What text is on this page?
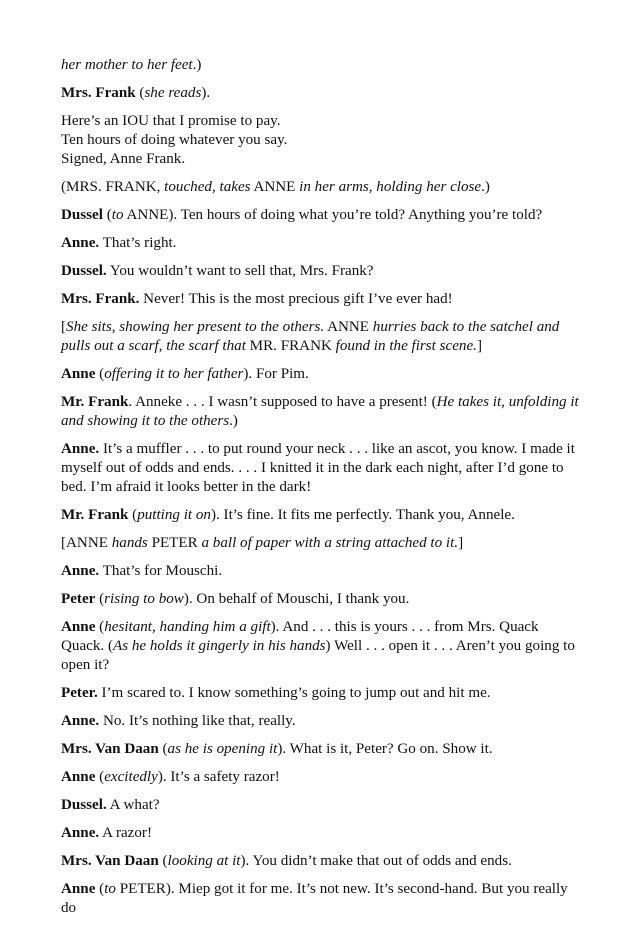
her mother to her feet.)

Mrs. Frank (she reads).

Here’s an IOU that I promise to pay.
Ten hours of doing whatever you say.
Signed, Anne Frank.

(MRS. FRANK, touched, takes ANNE in her arms, holding her close.)

Dussel (to ANNE). Ten hours of doing what you’re told? Anything you’re told?

Anne. That’s right.

Dussel. You wouldn’t want to sell that, Mrs. Frank?

Mrs. Frank. Never! This is the most precious gift I’ve ever had!

[She sits, showing her present to the others. ANNE hurries back to the satchel and pulls out a scarf, the scarf that MR. FRANK found in the first scene.]

Anne (offering it to her father). For Pim.

Mr. Frank. Anneke . . . I wasn’t supposed to have a present! (He takes it, unfolding it and showing it to the others.)

Anne. It’s a muffler . . . to put round your neck . . . like an ascot, you know. I made it myself out of odds and ends. . . . I knitted it in the dark each night, after I’d gone to bed. I’m afraid it looks better in the dark!

Mr. Frank (putting it on). It’s fine. It fits me perfectly. Thank you, Annele.

[ANNE hands PETER a ball of paper with a string attached to it.]

Anne. That’s for Mouschi.

Peter (rising to bow). On behalf of Mouschi, I thank you.

Anne (hesitant, handing him a gift). And . . . this is yours . . . from Mrs. Quack Quack. (As he holds it gingerly in his hands) Well . . . open it . . . Aren’t you going to open it?

Peter. I’m scared to. I know something’s going to jump out and hit me.

Anne. No. It’s nothing like that, really.

Mrs. Van Daan (as he is opening it). What is it, Peter? Go on. Show it.

Anne (excitedly). It’s a safety razor!

Dussel. A what?

Anne. A razor!

Mrs. Van Daan (looking at it). You didn’t make that out of odds and ends.

Anne (to PETER). Miep got it for me. It’s not new. It’s second-hand. But you really do
